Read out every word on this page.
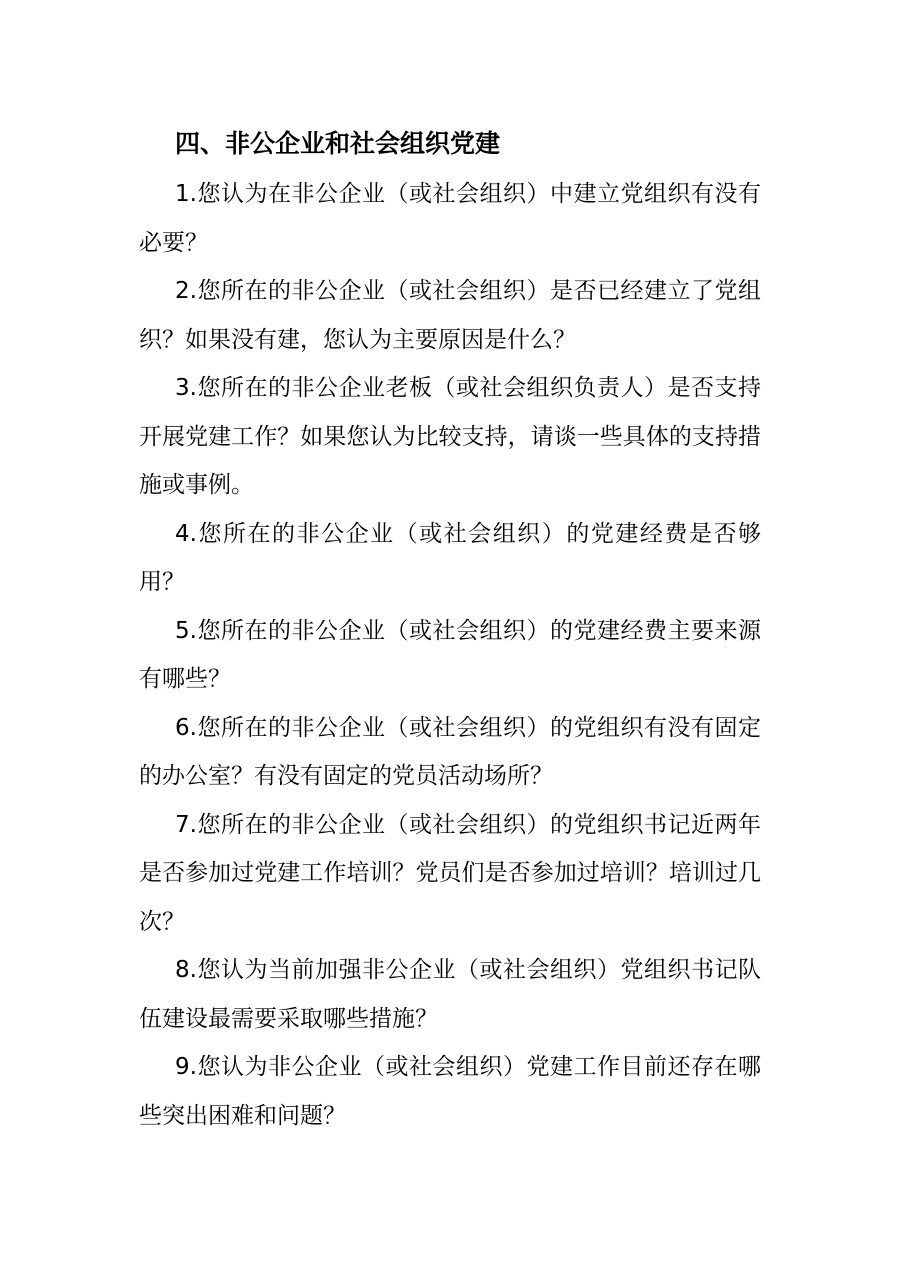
四、非公企业和社会组织党建

1.您认为在非公企业（或社会组织）中建立党组织有没有必要？

2.您所在的非公企业（或社会组织）是否已经建立了党组织？如果没有建，您认为主要原因是什么？

3.您所在的非公企业老板（或社会组织负责人）是否支持开展党建工作？如果您认为比较支持，请谈一些具体的支持措施或事例。

4.您所在的非公企业（或社会组织）的党建经费是否够用？

5.您所在的非公企业（或社会组织）的党建经费主要来源有哪些？

6.您所在的非公企业（或社会组织）的党组织有没有固定的办公室？有没有固定的党员活动场所？

7.您所在的非公企业（或社会组织）的党组织书记近两年是否参加过党建工作培训？党员们是否参加过培训？培训过几次？

8.您认为当前加强非公企业（或社会组织）党组织书记队伍建设最需要采取哪些措施？

9.您认为非公企业（或社会组织）党建工作目前还存在哪些突出困难和问题？
